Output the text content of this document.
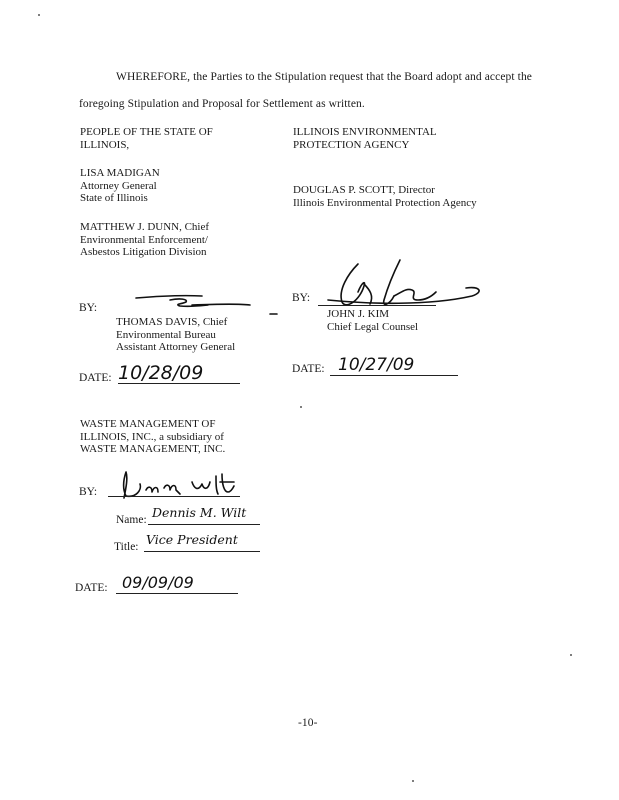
WHEREFORE, the Parties to the Stipulation request that the Board adopt and accept the
foregoing Stipulation and Proposal for Settlement as written.
PEOPLE OF THE STATE OF
ILLINOIS,
LISA MADIGAN
Attorney General
State of Illinois
MATTHEW J. DUNN, Chief
Environmental Enforcement/
Asbestos Litigation Division
BY:
THOMAS DAVIS, Chief
Environmental Bureau
Assistant Attorney General
DATE: 10/28/09
ILLINOIS ENVIRONMENTAL
PROTECTION AGENCY
DOUGLAS P. SCOTT, Director
Illinois Environmental Protection Agency
BY:
JOHN J. KIM
Chief Legal Counsel
DATE: 10/27/09
WASTE MANAGEMENT OF
ILLINOIS, INC., a subsidiary of
WASTE MANAGEMENT, INC.
BY:
Name: Dennis M. Wilt
Title: Vice President
DATE: 09/09/09
-10-
